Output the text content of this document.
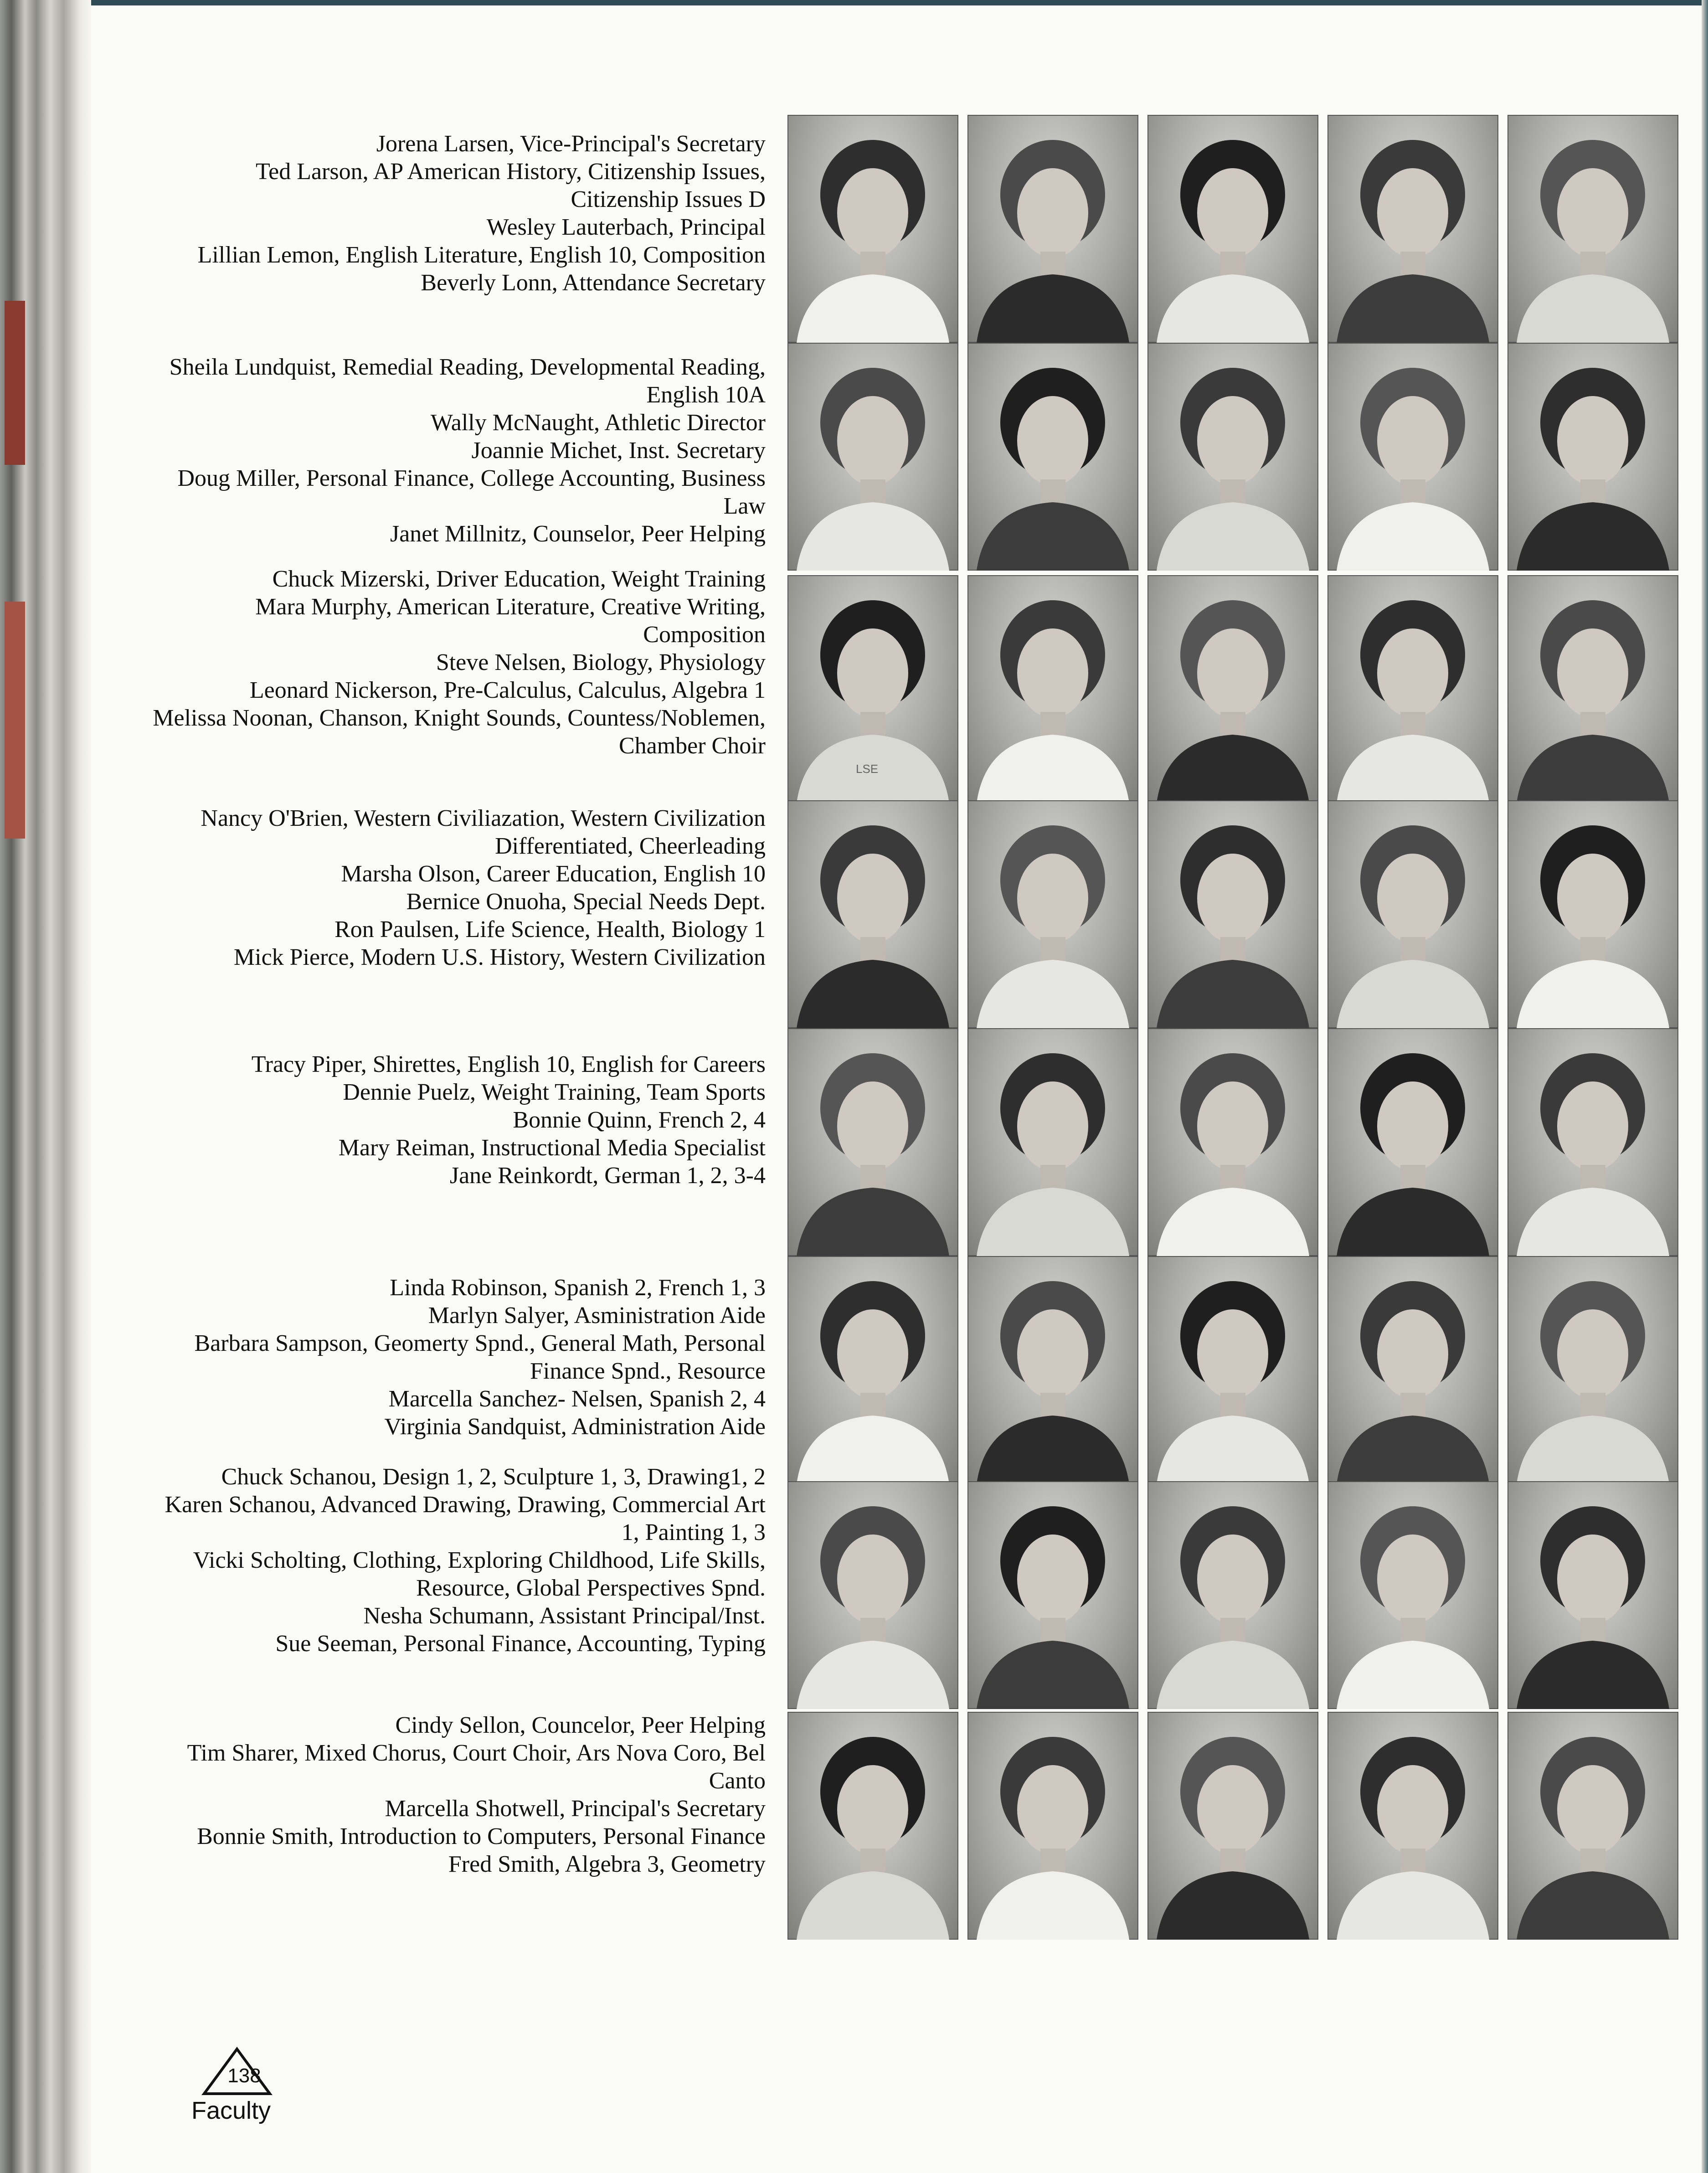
Jorena Larsen, Vice-Principal's Secretary
Ted Larson, AP American History, Citizenship Issues, Citizenship Issues D
Wesley Lauterbach, Principal
Lillian Lemon, English Literature, English 10, Composition
Beverly Lonn, Attendance Secretary
Sheila Lundquist, Remedial Reading, Developmental Reading, English 10A
Wally McNaught, Athletic Director
Joannie Michet, Inst. Secretary
Doug Miller, Personal Finance, College Accounting, Business Law
Janet Millnitz, Counselor, Peer Helping
Chuck Mizerski, Driver Education, Weight Training
Mara Murphy, American Literature, Creative Writing, Composition
Steve Nelsen, Biology, Physiology
Leonard Nickerson, Pre-Calculus, Calculus, Algebra 1
Melissa Noonan, Chanson, Knight Sounds, Countess/Noblemen, Chamber Choir
Nancy O'Brien, Western Civiliazation, Western Civilization Differentiated, Cheerleading
Marsha Olson, Career Education, English 10
Bernice Onuoha, Special Needs Dept.
Ron Paulsen, Life Science, Health, Biology 1
Mick Pierce, Modern U.S. History, Western Civilization
Tracy Piper, Shirettes, English 10, English for Careers
Dennie Puelz, Weight Training, Team Sports
Bonnie Quinn, French 2, 4
Mary Reiman, Instructional Media Specialist
Jane Reinkordt, German 1, 2, 3-4
Linda Robinson, Spanish 2, French 1, 3
Marlyn Salyer, Asministration Aide
Barbara Sampson, Geomerty Spnd., General Math, Personal Finance Spnd., Resource
Marcella Sanchez- Nelsen, Spanish 2, 4
Virginia Sandquist, Administration Aide
Chuck Schanou, Design 1, 2, Sculpture 1, 3, Drawing1, 2
Karen Schanou, Advanced Drawing, Drawing, Commercial Art 1, Painting 1, 3
Vicki Scholting, Clothing, Exploring Childhood, Life Skills, Resource, Global Perspectives Spnd.
Nesha Schumann, Assistant Principal/Inst.
Sue Seeman, Personal Finance, Accounting, Typing
Cindy Sellon, Councelor, Peer Helping
Tim Sharer, Mixed Chorus, Court Choir, Ars Nova Coro, Bel Canto
Marcella Shotwell, Principal's Secretary
Bonnie Smith, Introduction to Computers, Personal Finance
Fred Smith, Algebra 3, Geometry
LSE
138
Faculty
